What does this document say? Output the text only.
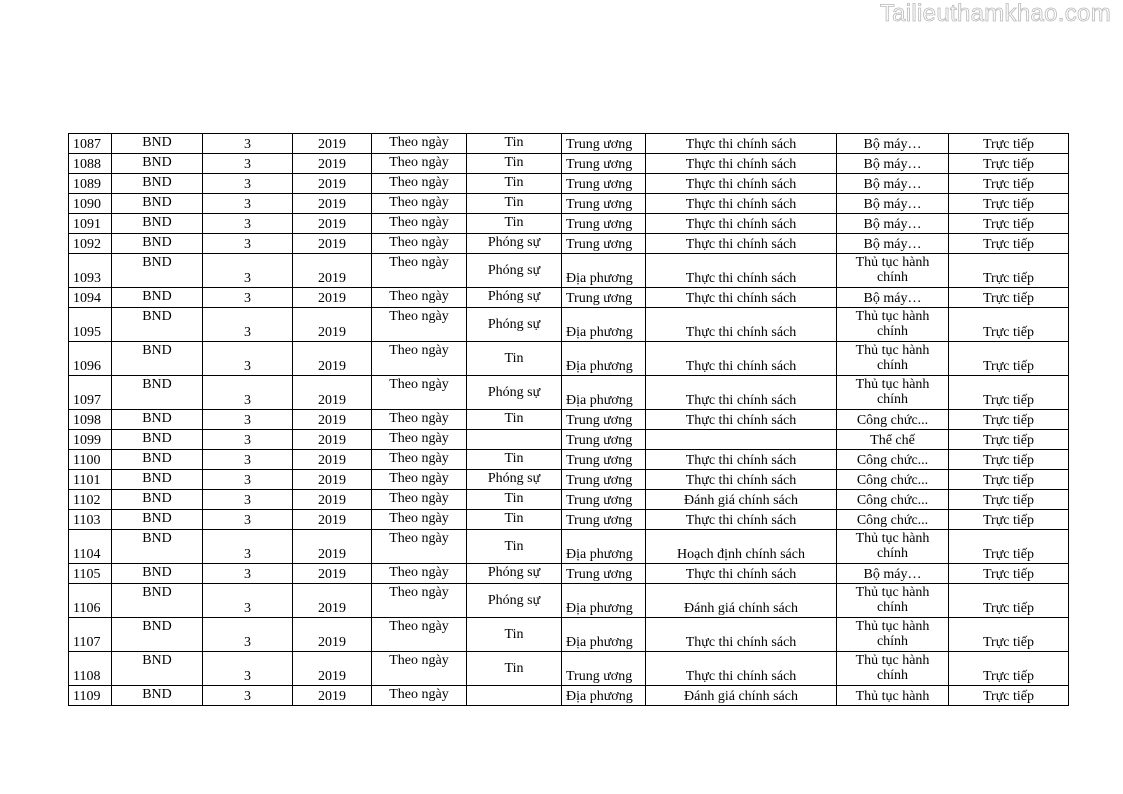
Tailieuthamkhao.com
1087	BND	3	2019	Theo ngày	Tin	Trung ương	Thực thi chính sách	Bộ máy…	Trực tiếp
1088	BND	3	2019	Theo ngày	Tin	Trung ương	Thực thi chính sách	Bộ máy…	Trực tiếp
1089	BND	3	2019	Theo ngày	Tin	Trung ương	Thực thi chính sách	Bộ máy…	Trực tiếp
1090	BND	3	2019	Theo ngày	Tin	Trung ương	Thực thi chính sách	Bộ máy…	Trực tiếp
1091	BND	3	2019	Theo ngày	Tin	Trung ương	Thực thi chính sách	Bộ máy…	Trực tiếp
1092	BND	3	2019	Theo ngày	Phóng sự	Trung ương	Thực thi chính sách	Bộ máy…	Trực tiếp
1093	BND	3	2019	Theo ngày	Phóng sự	Địa phương	Thực thi chính sách	Thủ tục hành chính	Trực tiếp
1094	BND	3	2019	Theo ngày	Phóng sự	Trung ương	Thực thi chính sách	Bộ máy…	Trực tiếp
1095	BND	3	2019	Theo ngày	Phóng sự	Địa phương	Thực thi chính sách	Thủ tục hành chính	Trực tiếp
1096	BND	3	2019	Theo ngày	Tin	Địa phương	Thực thi chính sách	Thủ tục hành chính	Trực tiếp
1097	BND	3	2019	Theo ngày	Phóng sự	Địa phương	Thực thi chính sách	Thủ tục hành chính	Trực tiếp
1098	BND	3	2019	Theo ngày	Tin	Trung ương	Thực thi chính sách	Công chức...	Trực tiếp
1099	BND	3	2019	Theo ngày		Trung ương		Thể chế	Trực tiếp
1100	BND	3	2019	Theo ngày	Tin	Trung ương	Thực thi chính sách	Công chức...	Trực tiếp
1101	BND	3	2019	Theo ngày	Phóng sự	Trung ương	Thực thi chính sách	Công chức...	Trực tiếp
1102	BND	3	2019	Theo ngày	Tin	Trung ương	Đánh giá chính sách	Công chức...	Trực tiếp
1103	BND	3	2019	Theo ngày	Tin	Trung ương	Thực thi chính sách	Công chức...	Trực tiếp
1104	BND	3	2019	Theo ngày	Tin	Địa phương	Hoạch định chính sách	Thủ tục hành chính	Trực tiếp
1105	BND	3	2019	Theo ngày	Phóng sự	Trung ương	Thực thi chính sách	Bộ máy…	Trực tiếp
1106	BND	3	2019	Theo ngày	Phóng sự	Địa phương	Đánh giá chính sách	Thủ tục hành chính	Trực tiếp
1107	BND	3	2019	Theo ngày	Tin	Địa phương	Thực thi chính sách	Thủ tục hành chính	Trực tiếp
1108	BND	3	2019	Theo ngày	Tin	Trung ương	Thực thi chính sách	Thủ tục hành chính	Trực tiếp
1109	BND	3	2019	Theo ngày		Địa phương	Đánh giá chính sách	Thủ tục hành	Trực tiếp
